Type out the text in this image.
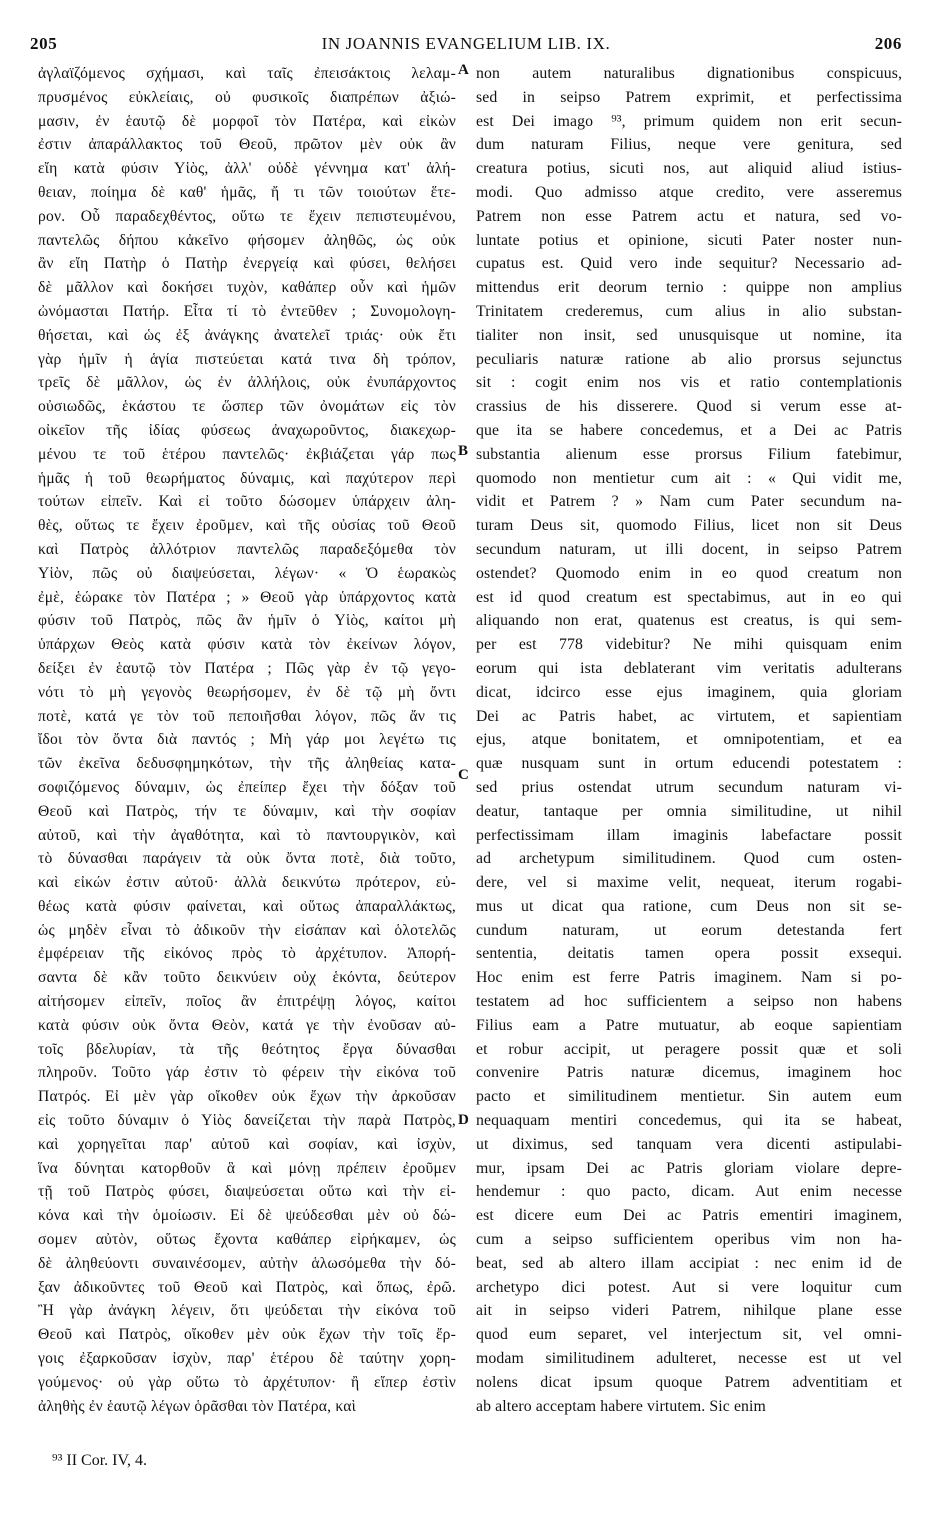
205	IN JOANNIS EVANGELIUM LIB. IX.	206

ἀγλαϊζόμενος σχήμασι, καὶ ταῖς ἐπεισάκτοις λελαμ-

πρυσμένος εὐκλείαις, οὐ φυσικοῖς διαπρέπων ἀξιώ-

μασιν, ἐν ἑαυτῷ δὲ μορφοῖ τὸν Πατέρα, καὶ εἰκὼν

ἐστιν ἀπαράλλακτος τοῦ Θεοῦ, πρῶτον μὲν οὐκ ἂν

εἴη κατὰ φύσιν Υἱὸς, ἀλλ' οὐδὲ γέννημα κατ' ἀλή-

θειαν, ποίημα δὲ καθ' ἡμᾶς, ἤ τι τῶν τοιούτων ἕτε-

ρον. Οὗ παραδεχθέντος, οὕτω τε ἔχειν πεπιστευμένου,

παντελῶς δήπου κἀκεῖνο φήσομεν ἀληθῶς, ὡς οὐκ

ἂν εἴη Πατὴρ ὁ Πατὴρ ἐνεργείᾳ καὶ φύσει, θελήσει

δὲ μᾶλλον καὶ δοκήσει τυχὸν, καθάπερ οὖν καὶ ἡμῶν

ὠνόμασται Πατήρ. Εἶτα τί τὸ ἐντεῦθεν ; Συνομολογη-

θήσεται, καὶ ὡς ἐξ ἀνάγκης ἀνατελεῖ τριάς· οὐκ ἔτι

γὰρ ἡμῖν ἡ ἁγία πιστεύεται κατά τινα δὴ τρόπον,

τρεῖς δὲ μᾶλλον, ὡς ἐν ἀλλήλοις, οὐκ ἐνυπάρχοντος

οὐσιωδῶς, ἑκάστου τε ὥσπερ τῶν ὀνομάτων εἰς τὸν

οἰκεῖον τῆς ἰδίας φύσεως ἀναχωροῦντος, διακεχωρ-

μένου τε τοῦ ἑτέρου παντελῶς· ἐκβιάζεται γάρ πως

ἡμᾶς ἡ τοῦ θεωρήματος δύναμις, καὶ παχύτερον περὶ

τούτων εἰπεῖν. Καὶ εἰ τοῦτο δώσομεν ὑπάρχειν ἀλη-

θὲς, οὕτως τε ἔχειν ἐροῦμεν, καὶ τῆς οὐσίας τοῦ Θεοῦ

καὶ Πατρὸς ἀλλότριον παντελῶς παραδεξόμεθα τὸν

Υἱὸν, πῶς οὐ διαψεύσεται, λέγων· « Ὁ ἑωρακὼς

ἐμὲ, ἑώρακε τὸν Πατέρα ; » Θεοῦ γὰρ ὑπάρχοντος κατὰ

φύσιν τοῦ Πατρὸς, πῶς ἂν ἡμῖν ὁ Υἱὸς, καίτοι μὴ

ὑπάρχων Θεὸς κατὰ φύσιν κατὰ τὸν ἐκείνων λόγον,

δείξει ἐν ἑαυτῷ τὸν Πατέρα ; Πῶς γὰρ ἐν τῷ γεγο-

νότι τὸ μὴ γεγονὸς θεωρήσομεν, ἐν δὲ τῷ μὴ ὄντι

ποτὲ, κατά γε τὸν τοῦ πεποιῆσθαι λόγον, πῶς ἄν τις

ἴδοι τὸν ὄντα διὰ παντός ; Μὴ γάρ μοι λεγέτω τις

τῶν ἐκεῖνα δεδυσφημηκότων, τὴν τῆς ἀληθείας κατα-

σοφιζόμενος δύναμιν, ὡς ἐπείπερ ἔχει τὴν δόξαν τοῦ

Θεοῦ καὶ Πατρὸς, τήν τε δύναμιν, καὶ τὴν σοφίαν

αὐτοῦ, καὶ τὴν ἀγαθότητα, καὶ τὸ παντουργικὸν, καὶ

τὸ δύνασθαι παράγειν τὰ οὐκ ὄντα ποτὲ, διὰ τοῦτο,

καὶ εἰκών ἐστιν αὐτοῦ· ἀλλὰ δεικνύτω πρότερον, εὐ-

θέως κατὰ φύσιν φαίνεται, καὶ οὕτως ἀπαραλλάκτως,

ὡς μηδὲν εἶναι τὸ ἀδικοῦν τὴν εἰσάπαν καὶ ὁλοτελῶς

ἐμφέρειαν τῆς εἰκόνος πρὸς τὸ ἀρχέτυπον. Ἀπορή-

σαντα δὲ κἂν τοῦτο δεικνύειν οὐχ ἑκόντα, δεύτερον

αἰτήσομεν εἰπεῖν, ποῖος ἂν ἐπιτρέψῃ λόγος, καίτοι

κατὰ φύσιν οὐκ ὄντα Θεὸν, κατά γε τὴν ἐνοῦσαν αὐ-

τοῖς βδελυρίαν, τὰ τῆς θεότητος ἔργα δύνασθαι

πληροῦν. Τοῦτο γάρ ἐστιν τὸ φέρειν τὴν εἰκόνα τοῦ

Πατρός. Εἰ μὲν γὰρ οἴκοθεν οὐκ ἔχων τὴν ἀρκοῦσαν

εἰς τοῦτο δύναμιν ὁ Υἱὸς δανείζεται τὴν παρὰ Πατρὸς,

καὶ χορηγεῖται παρ' αὐτοῦ καὶ σοφίαν, καὶ ἰσχὺν,

ἵνα δύνηται κατορθοῦν ἃ καὶ μόνῃ πρέπειν ἐροῦμεν

τῇ τοῦ Πατρὸς φύσει, διαψεύσεται οὕτω καὶ τὴν εἰ-

κόνα καὶ τὴν ὁμοίωσιν. Εἰ δὲ ψεύδεσθαι μὲν οὐ δώ-

σομεν αὐτὸν, οὕτως ἔχοντα καθάπερ εἰρήκαμεν, ὡς

δὲ ἀληθεύοντι συναινέσομεν, αὐτὴν ἁλωσόμεθα τὴν δό-

ξαν ἀδικοῦντες τοῦ Θεοῦ καὶ Πατρὸς, καὶ ὅπως, ἐρῶ.

Ἢ γὰρ ἀνάγκη λέγειν, ὅτι ψεύδεται τὴν εἰκόνα τοῦ

Θεοῦ καὶ Πατρὸς, οἴκοθεν μὲν οὐκ ἔχων τὴν τοῖς ἔρ-

γοις ἐξαρκοῦσαν ἰσχὺν, παρ' ἑτέρου δὲ ταύτην χορη-

γούμενος· οὐ γὰρ οὕτω τὸ ἀρχέτυπον· ἢ εἴπερ ἐστὶν

ἀληθὴς ἐν ἑαυτῷ λέγων ὁρᾶσθαι τὸν Πατέρα, καὶ

A
B
C
D

non autem naturalibus dignationibus conspicuus,

sed in seipso Patrem exprimit, et perfectissima

est Dei imago ⁹³, primum quidem non erit secun-

dum naturam Filius, neque vere genitura, sed

creatura potius, sicuti nos, aut aliquid aliud istius-

modi. Quo admisso atque credito, vere asseremus

Patrem non esse Patrem actu et natura, sed vo-

luntate potius et opinione, sicuti Pater noster nun-

cupatus est. Quid vero inde sequitur? Necessario ad-

mittendus erit deorum ternio : quippe non amplius

Trinitatem crederemus, cum alius in alio substan-

tialiter non insit, sed unusquisque ut nomine, ita

peculiaris naturæ ratione ab alio prorsus sejunctus

sit : cogit enim nos vis et ratio contemplationis

crassius de his disserere. Quod si verum esse at-

que ita se habere concedemus, et a Dei ac Patris

substantia alienum esse prorsus Filium fatebimur,

quomodo non mentietur cum ait : « Qui vidit me,

vidit et Patrem ? » Nam cum Pater secundum na-

turam Deus sit, quomodo Filius, licet non sit Deus

secundum naturam, ut illi docent, in seipso Patrem

ostendet? Quomodo enim in eo quod creatum non

est id quod creatum est spectabimus, aut in eo qui

aliquando non erat, quatenus est creatus, is qui sem-

per est 778 videbitur? Ne mihi quisquam enim

eorum qui ista deblaterant vim veritatis adulterans

dicat, idcirco esse ejus imaginem, quia gloriam

Dei ac Patris habet, ac virtutem, et sapientiam

ejus, atque bonitatem, et omnipotentiam, et ea

quæ nusquam sunt in ortum educendi potestatem :

sed prius ostendat utrum secundum naturam vi-

deatur, tantaque per omnia similitudine, ut nihil

perfectissimam illam imaginis labefactare possit

ad archetypum similitudinem. Quod cum osten-

dere, vel si maxime velit, nequeat, iterum rogabi-

mus ut dicat qua ratione, cum Deus non sit se-

cundum naturam, ut eorum detestanda fert

sententia, deitatis tamen opera possit exsequi.

Hoc enim est ferre Patris imaginem. Nam si po-

testatem ad hoc sufficientem a seipso non habens

Filius eam a Patre mutuatur, ab eoque sapientiam

et robur accipit, ut peragere possit quæ et soli

convenire Patris naturæ dicemus, imaginem hoc

pacto et similitudinem mentietur. Sin autem eum

nequaquam mentiri concedemus, qui ita se habeat,

ut diximus, sed tanquam vera dicenti astipulabi-

mur, ipsam Dei ac Patris gloriam violare depre-

hendemur : quo pacto, dicam. Aut enim necesse

est dicere eum Dei ac Patris ementiri imaginem,

cum a seipso sufficientem operibus vim non ha-

beat, sed ab altero illam accipiat : nec enim id de

archetypo dici potest. Aut si vere loquitur cum

ait in seipso videri Patrem, nihilque plane esse

quod eum separet, vel interjectum sit, vel omni-

modam similitudinem adulteret, necesse est ut vel

nolens dicat ipsum quoque Patrem adventitiam et

ab altero acceptam habere virtutem. Sic enim

⁹³ II Cor. IV, 4.
